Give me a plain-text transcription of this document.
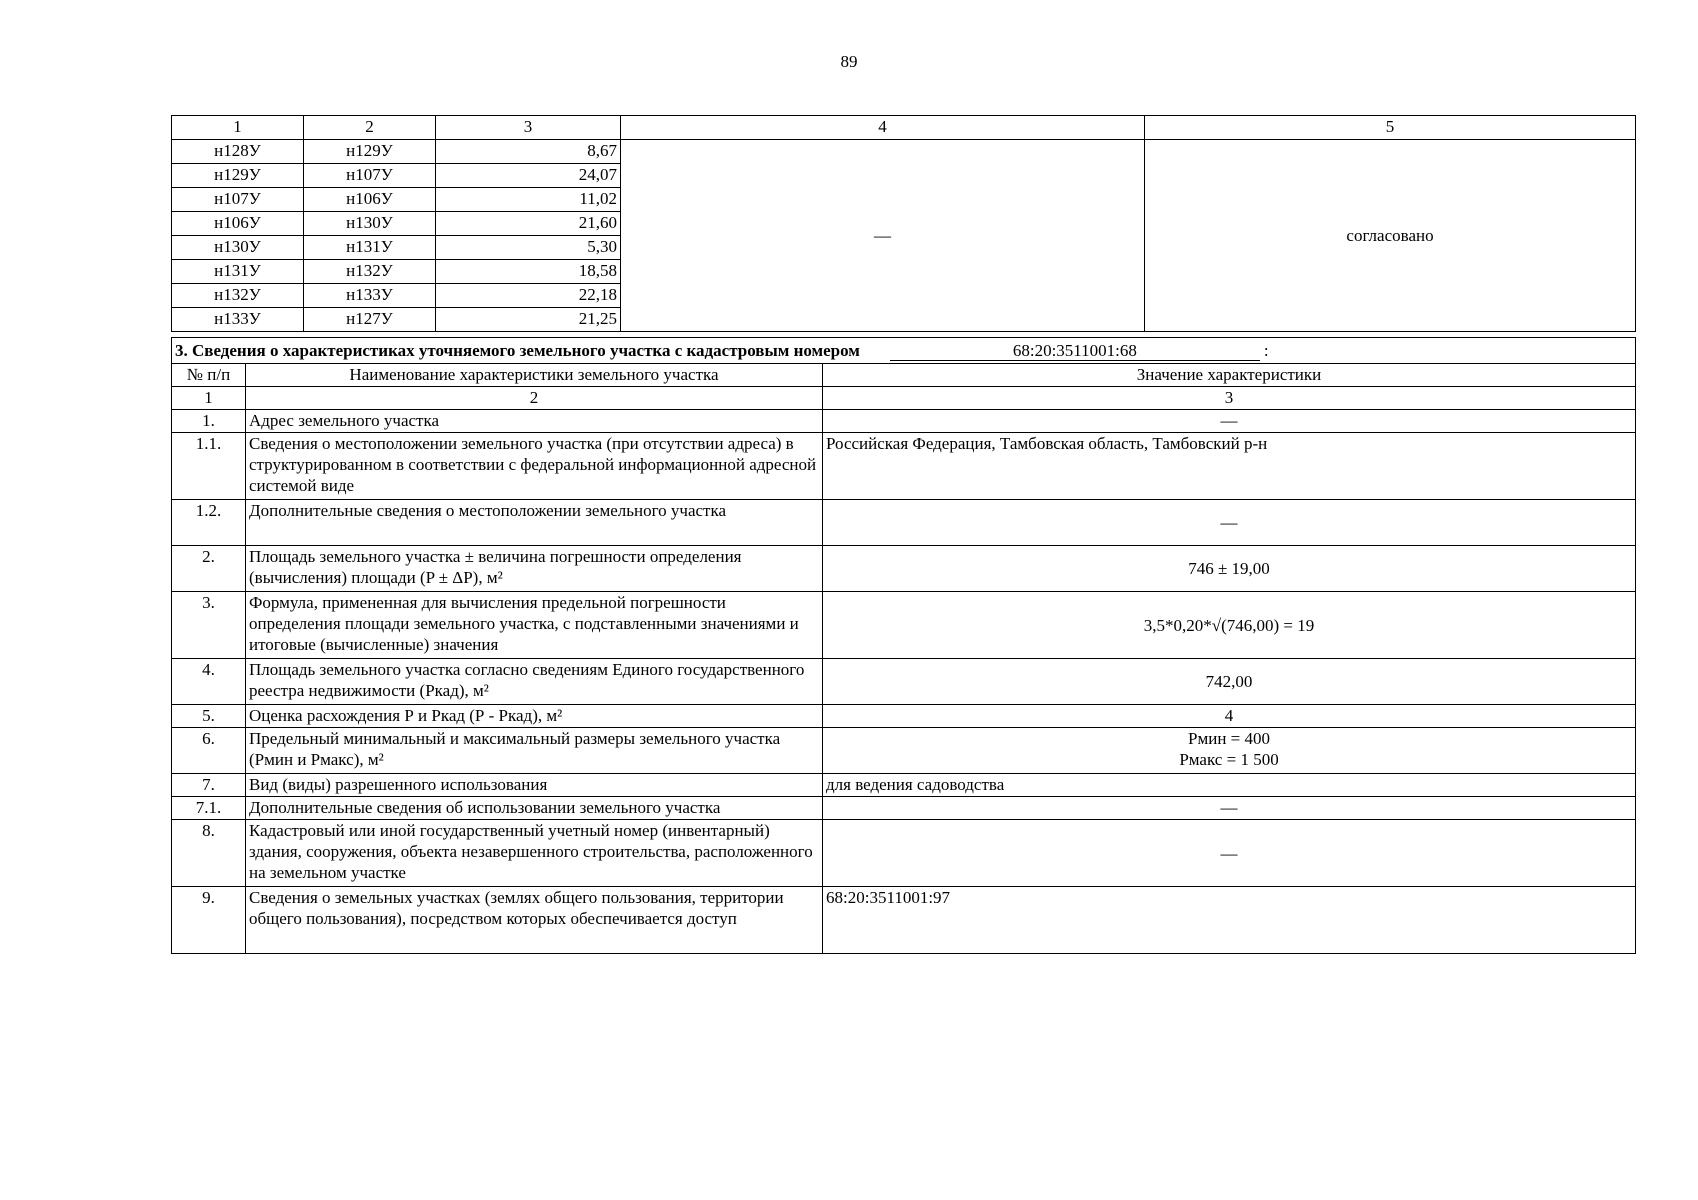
89
1	2	3	4	5
н128У	н129У	8,67	—	согласовано
н129У	н107У	24,07		
н107У	н106У	11,02		
н106У	н130У	21,60		
н130У	н131У	5,30		
н131У	н132У	18,58		
н132У	н133У	22,18		
н133У	н127У	21,25		
3. Сведения о характеристиках уточняемого земельного участка с кадастровым номером 68:20:3511001:68 :		
№ п/п	Наименование характеристики земельного участка	Значение характеристики
1	2	3
1.	Адрес земельного участка	—
1.1.	Сведения о местоположении земельного участка (при отсутствии адреса) в структурированном в соответствии с федеральной информационной адресной системой виде	Российская Федерация, Тамбовская область, Тамбовский р-н
1.2.	Дополнительные сведения о местоположении земельного участка	—
2.	Площадь земельного участка ± величина погрешности определения (вычисления) площади (P ± ΔP), м²	746 ± 19,00
3.	Формула, примененная для вычисления предельной погрешности определения площади земельного участка, с подставленными значениями и итоговые (вычисленные) значения	3,5*0,20*√(746,00) = 19
4.	Площадь земельного участка согласно сведениям Единого государственного реестра недвижимости (Ркад), м²	742,00
5.	Оценка расхождения Р и Ркад (Р - Ркад), м²	4
6.	Предельный минимальный и максимальный размеры земельного участка (Рмин и Рмакс), м²	Рмин = 400
Рмакс = 1 500

7.	Вид (виды) разрешенного использования	для ведения садоводства
7.1.	Дополнительные сведения об использовании земельного участка	—
8.	Кадастровый или иной государственный учетный номер (инвентарный) здания, сооружения, объекта незавершенного строительства, расположенного на земельном участке	—
9.	Сведения о земельных участках (землях общего пользования, территории общего пользования), посредством которых обеспечивается доступ	68:20:3511001:97
